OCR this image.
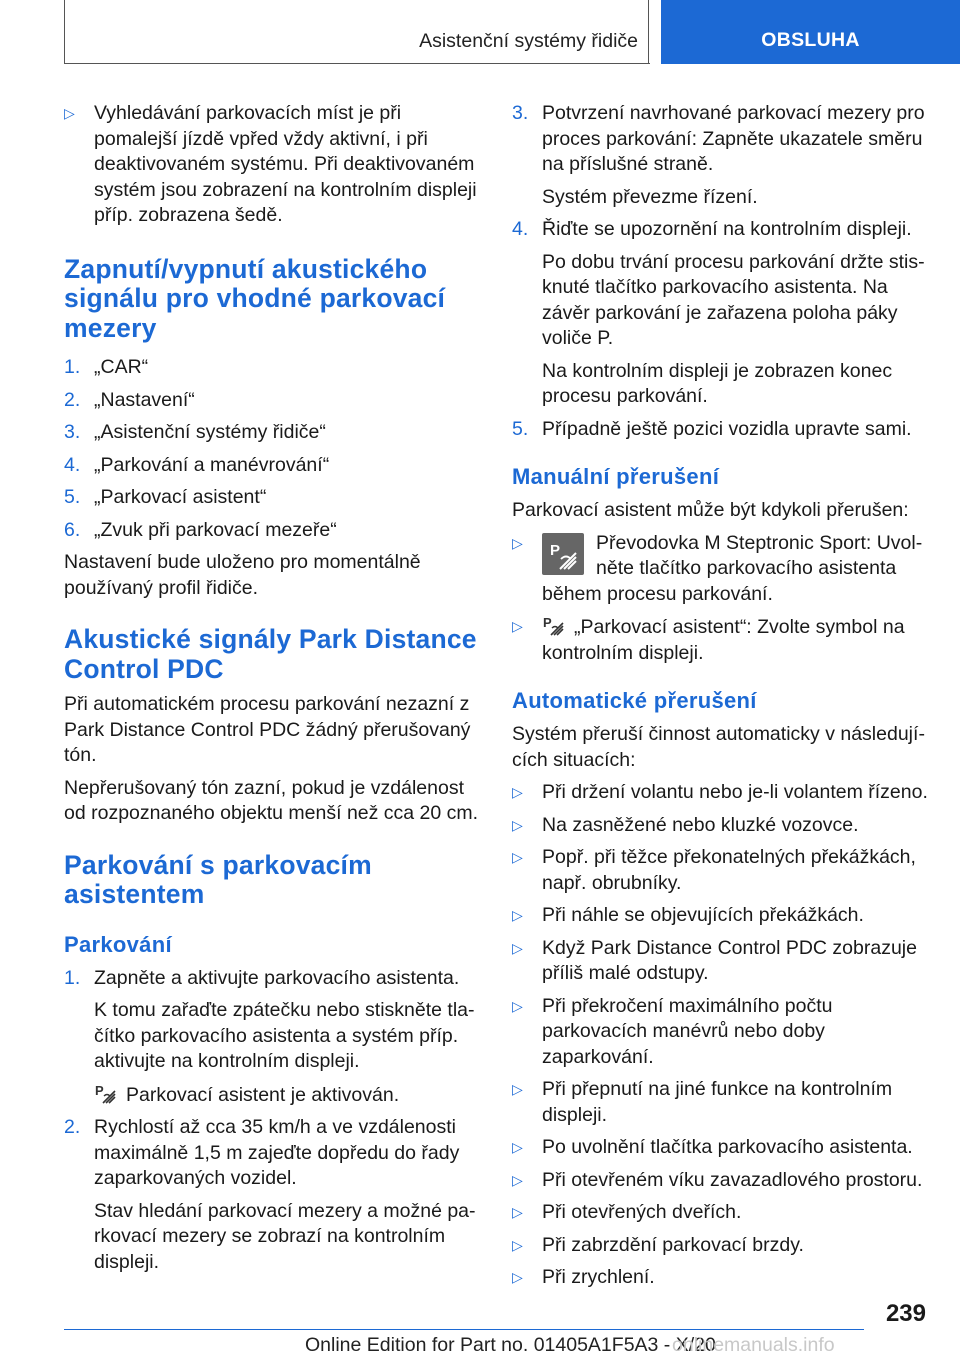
Asistenční systémy řidiče	OBSLUHA
▷ Vyhledávání parkovacích míst je při pomalejší jízdě vpřed vždy aktivní, i při deaktivovaném systému. Při deaktivovaném systém jsou zobrazení na kontrolním displeji příp. zobrazena šedě.
Zapnutí/vypnutí akustického signálu pro vhodné parkovací mezery
1. „CAR“
2. „Nastavení“
3. „Asistenční systémy řidiče“
4. „Parkování a manévrování“
5. „Parkovací asistent“
6. „Zvuk při parkovací mezeře“

Nastavení bude uloženo pro momentálně používaný profil řidiče.

Akustické signály Park Distance Control PDC

Při automatickém procesu parkování nezazní z Park Distance Control PDC žádný přerušovaný tón.

Nepřerušovaný tón zazní, pokud je vzdálenost od rozpoznaného objektu menší než cca 20 cm.

Parkování s parkovacím asistentem
Parkování
1. Zapněte a aktivujte parkovacího asistenta.
K tomu zařaďte zpátečku nebo stiskněte tlačítko parkovacího asistenta a systém příp. aktivujte na kontrolním displeji.
P Parkovací asistent je aktivován.
2. Rychlostí až cca 35 km/h a ve vzdálenosti maximálně 1,5 m zajeďte dopředu do řady zaparkovaných vozidel.
Stav hledání parkovací mezery a možné parkovací mezery se zobrazí na kontrolním displeji.
3. Potvrzení navrhované parkovací mezery pro proces parkování: Zapněte ukazatele směru na příslušné straně.
Systém převezme řízení.
4. Řiďte se upozornění na kontrolním displeji.
Po dobu trvání procesu parkování držte stisknuté tlačítko parkovacího asistenta. Na závěr parkování je zařazena poloha páky voliče P.
Na kontrolním displeji je zobrazen konec procesu parkování.
5. Případně ještě pozici vozidla upravte sami.
Manuální přerušení

Parkovací asistent může být kdykoli přerušen:

▷ P Převodovka M Steptronic Sport: Uvolněte tlačítko parkovacího asistenta během procesu parkování.
▷ P „Parkovací asistent“: Zvolte symbol na kontrolním displeji.
Automatické přerušení

Systém přeruší činnost automaticky v následujících situacích:

▷ Při držení volantu nebo je-li volantem řízeno.
▷ Na zasněžené nebo kluzké vozovce.
▷ Popř. při těžce překonatelných překážkách, např. obrubníky.
▷ Při náhle se objevujících překážkách.
▷ Když Park Distance Control PDC zobrazuje příliš malé odstupy.
▷ Při překročení maximálního počtu parkovacích manévrů nebo doby zaparkování.
▷ Při přepnutí na jiné funkce na kontrolním displeji.
▷ Po uvolnění tlačítka parkovacího asistenta.
▷ Při otevřeném víku zavazadlového prostoru.
▷ Při otevřených dveřích.
▷ Při zabrzdění parkovací brzdy.
▷ Při zrychlení.
239
Online Edition for Part no. 01405A1F5A3 - X/20
onlinemanuals.info
